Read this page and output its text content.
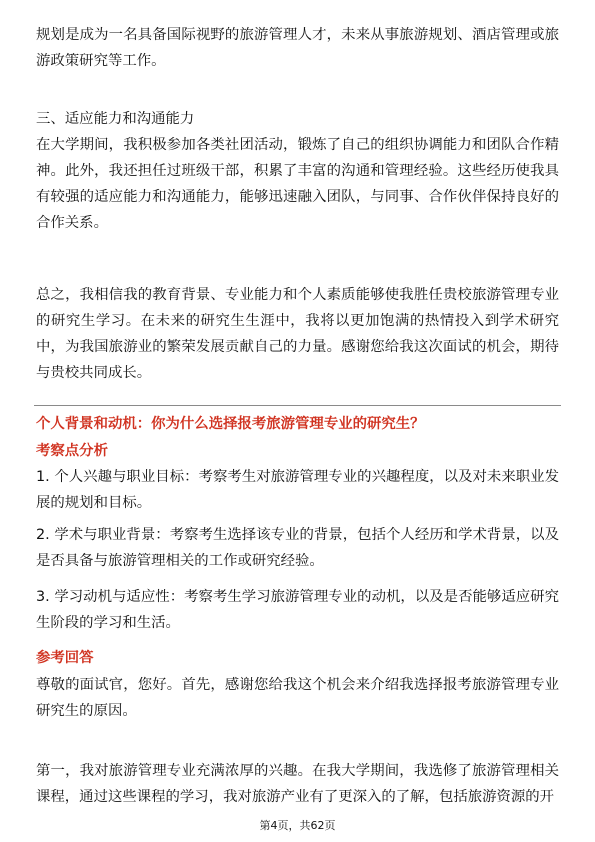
规划是成为一名具备国际视野的旅游管理人才，未来从事旅游规划、酒店管理或旅游政策研究等工作。

三、适应能力和沟通能力

在大学期间，我积极参加各类社团活动，锻炼了自己的组织协调能力和团队合作精神。此外，我还担任过班级干部，积累了丰富的沟通和管理经验。这些经历使我具有较强的适应能力和沟通能力，能够迅速融入团队，与同事、合作伙伴保持良好的合作关系。

总之，我相信我的教育背景、专业能力和个人素质能够使我胜任贵校旅游管理专业的研究生学习。在未来的研究生生涯中，我将以更加饱满的热情投入到学术研究中，为我国旅游业的繁荣发展贡献自己的力量。感谢您给我这次面试的机会，期待与贵校共同成长。

个人背景和动机：你为什么选择报考旅游管理专业的研究生？

考察点分析

1. 个人兴趣与职业目标：考察考生对旅游管理专业的兴趣程度，以及对未来职业发展的规划和目标。

2. 学术与职业背景：考察考生选择该专业的背景，包括个人经历和学术背景，以及是否具备与旅游管理相关的工作或研究经验。

3. 学习动机与适应性：考察考生学习旅游管理专业的动机，以及是否能够适应研究生阶段的学习和生活。

参考回答

尊敬的面试官，您好。首先，感谢您给我这个机会来介绍我选择报考旅游管理专业研究生的原因。

第一，我对旅游管理专业充满浓厚的兴趣。在我大学期间，我选修了旅游管理相关课程，通过这些课程的学习，我对旅游产业有了更深入的了解，包括旅游资源的开

第4页，共62页
